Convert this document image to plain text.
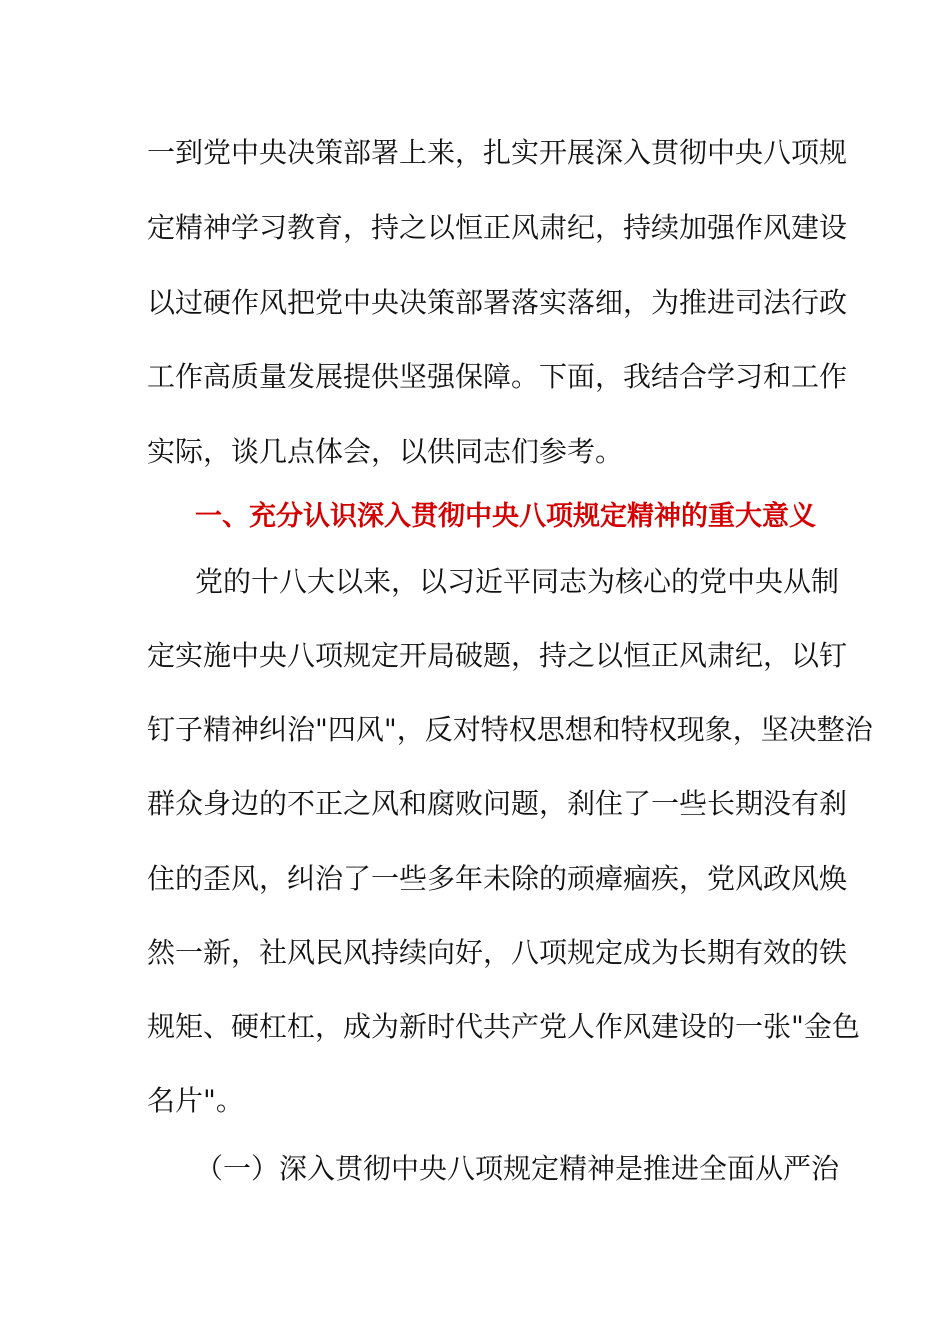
一到党中央决策部署上来，扎实开展深入贯彻中央八项规
定精神学习教育，持之以恒正风肃纪，持续加强作风建设
以过硬作风把党中央决策部署落实落细，为推进司法行政
工作高质量发展提供坚强保障。下面，我结合学习和工作
实际，谈几点体会，以供同志们参考。
一、充分认识深入贯彻中央八项规定精神的重大意义
党的十八大以来，以习近平同志为核心的党中央从制
定实施中央八项规定开局破题，持之以恒正风肃纪，以钉
钉子精神纠治"四风"，反对特权思想和特权现象，坚决整治
群众身边的不正之风和腐败问题，刹住了一些长期没有刹
住的歪风，纠治了一些多年未除的顽瘴痼疾，党风政风焕
然一新，社风民风持续向好，八项规定成为长期有效的铁
规矩、硬杠杠，成为新时代共产党人作风建设的一张"金色
名片"。
（一）深入贯彻中央八项规定精神是推进全面从严治
